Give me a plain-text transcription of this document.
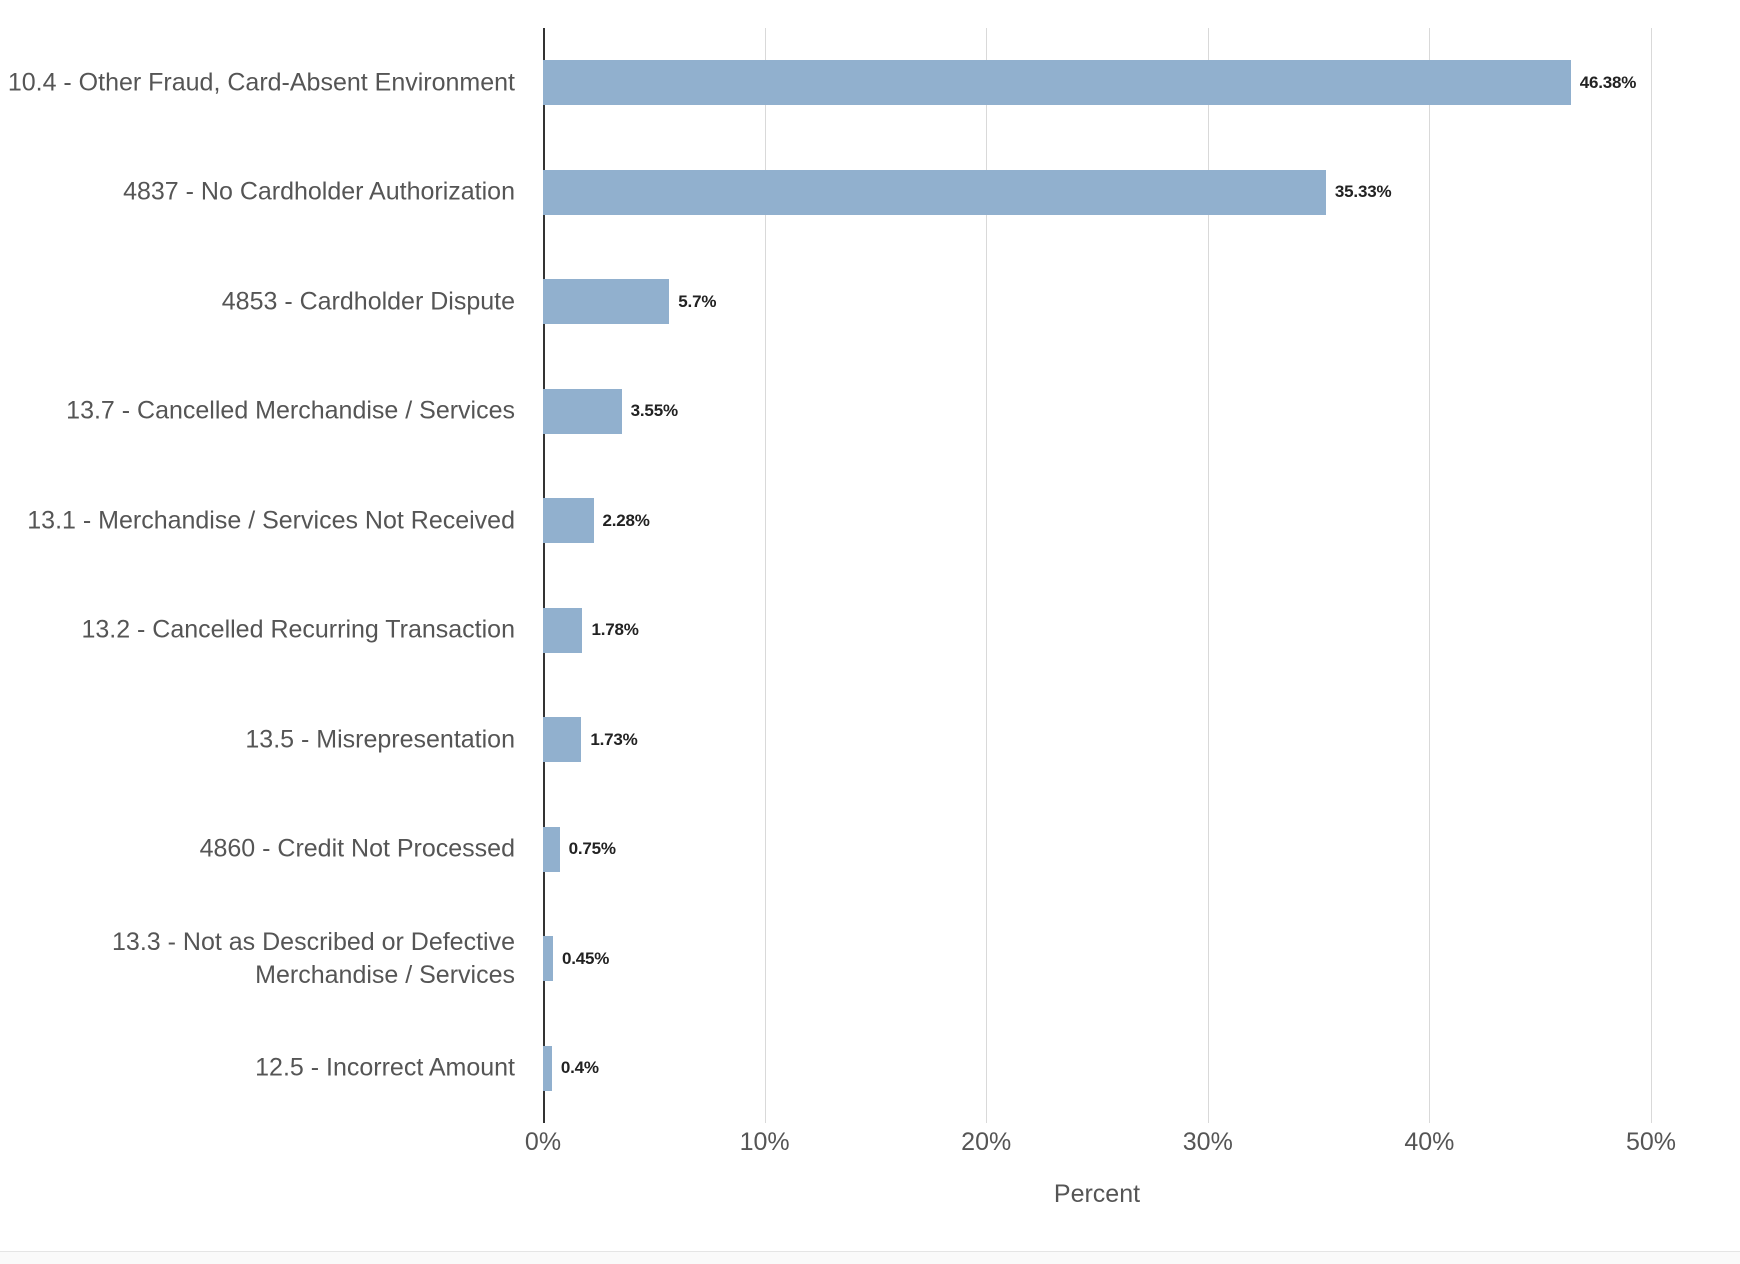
10.4 - Other Fraud, Card-Absent Environment
4837 - No Cardholder Authorization
4853 - Cardholder Dispute
13.7 - Cancelled Merchandise / Services
13.1 - Merchandise / Services Not Received
13.2 - Cancelled Recurring Transaction
13.5 - Misrepresentation
4860 - Credit Not Processed
13.3 - Not as Described or Defective Merchandise / Services
12.5 - Incorrect Amount
46.38%
35.33%
5.7%
3.55%
2.28%
1.78%
1.73%
0.75%
0.45%
0.4%
0%	10%	20%	30%	40%	50%
Percent
